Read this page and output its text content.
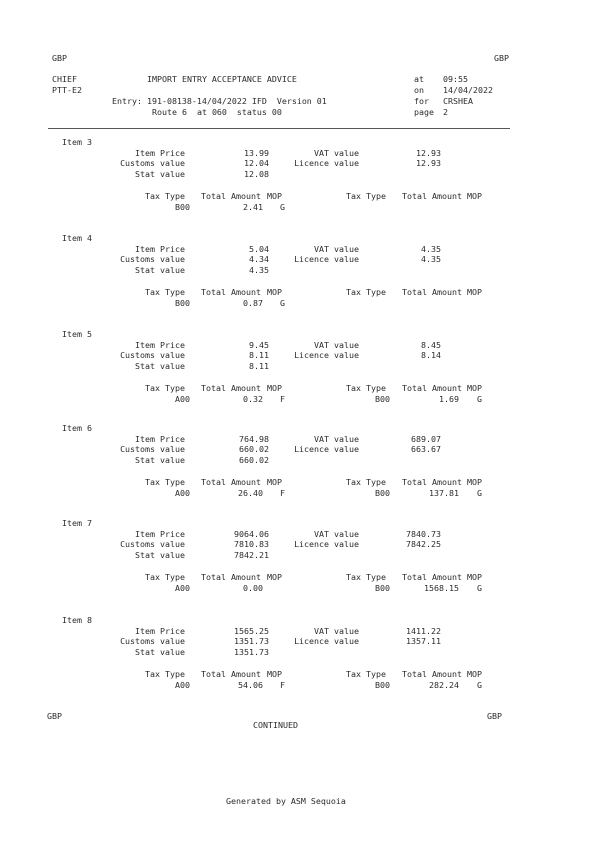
GBP	GBP
CHIEF
PTT-E2
IMPORT ENTRY ACCEPTANCE ADVICE
Entry: 191-08138-14/04/2022 IFD  Version 01
Route 6  at 060  status 00
at 09:55
on 14/04/2022
for CRSHEA
page 2
Item 3
Item Price	13.99	VAT value	12.93
Customs value	12.04	Licence value	12.93
Stat value	12.08
Tax Type Total Amount MOP	Tax Type Total Amount MOP
B00	2.41 G
Item 4
Item Price	5.04	VAT value	4.35
Customs value	4.34	Licence value	4.35
Stat value	4.35
Tax Type Total Amount MOP	Tax Type Total Amount MOP
B00	0.87 G
Item 5
Item Price	9.45	VAT value	8.45
Customs value	8.11	Licence value	8.14
Stat value	8.11
Tax Type Total Amount MOP	Tax Type Total Amount MOP
A00	0.32 F	B00	1.69 G
Item 6
Item Price	764.98	VAT value	689.07
Customs value	660.02	Licence value	663.67
Stat value	660.02
Tax Type Total Amount MOP	Tax Type Total Amount MOP
A00	26.40 F	B00	137.81 G
Item 7
Item Price	9064.06	VAT value	7840.73
Customs value	7810.83	Licence value	7842.25
Stat value	7842.21
Tax Type Total Amount MOP	Tax Type Total Amount MOP
A00	0.00	B00	1568.15 G
Item 8
Item Price	1565.25	VAT value	1411.22
Customs value	1351.73	Licence value	1357.11
Stat value	1351.73
Tax Type Total Amount MOP	Tax Type Total Amount MOP
A00	54.06 F	B00	282.24 G
GBP	GBP
CONTINUED
Generated by ASM Sequoia
